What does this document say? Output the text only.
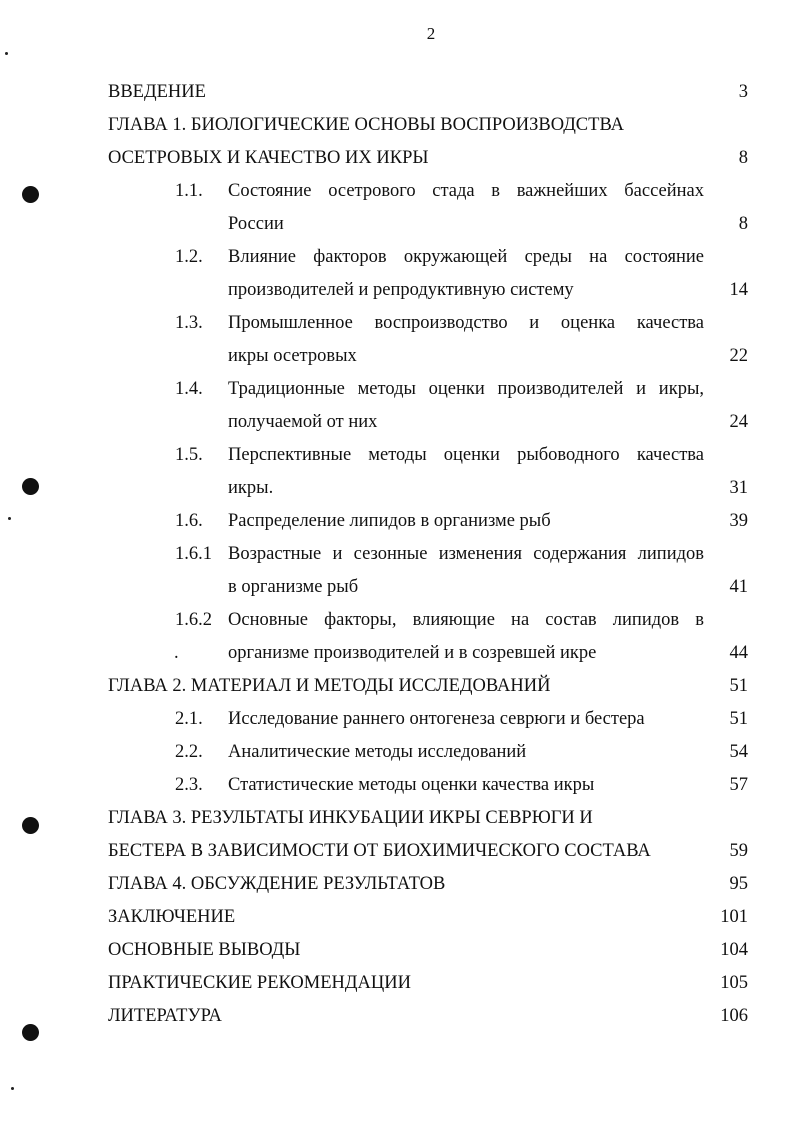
2
ВВЕДЕНИЕ	3
ГЛАВА 1. БИОЛОГИЧЕСКИЕ ОСНОВЫ ВОСПРОИЗВОДСТВА
ОСЕТРОВЫХ И КАЧЕСТВО ИХ ИКРЫ	8
1.1.	Состояние осетрового стада в важнейших бассейнах
России	8
1.2.	Влияние факторов окружающей среды на состояние
производителей и репродуктивную систему	14
1.3.	Промышленное воспроизводство и оценка качества
икры осетровых	22
1.4.	Традиционные методы оценки производителей и икры,
получаемой от них	24
1.5.	Перспективные методы оценки рыбоводного качества
икры.	31
1.6.	Распределение липидов в организме рыб	39
1.6.1 Возрастные и сезонные изменения содержания липидов
в организме рыб	41
1.6.2 Основные факторы, влияющие на состав липидов в
.	организме производителей и в созревшей икре	44
ГЛАВА 2. МАТЕРИАЛ И МЕТОДЫ ИССЛЕДОВАНИЙ	51
2.1.	Исследование раннего онтогенеза севрюги и бестера	51
2.2.	Аналитические методы исследований	54
2.3.	Статистические методы оценки качества икры	57
ГЛАВА 3. РЕЗУЛЬТАТЫ ИНКУБАЦИИ ИКРЫ СЕВРЮГИ И
БЕСТЕРА В ЗАВИСИМОСТИ ОТ БИОХИМИЧЕСКОГО СОСТАВА	59
ГЛАВА 4. ОБСУЖДЕНИЕ РЕЗУЛЬТАТОВ	95
ЗАКЛЮЧЕНИЕ	101
ОСНОВНЫЕ ВЫВОДЫ	104
ПРАКТИЧЕСКИЕ РЕКОМЕНДАЦИИ	105
ЛИТЕРАТУРА	106
